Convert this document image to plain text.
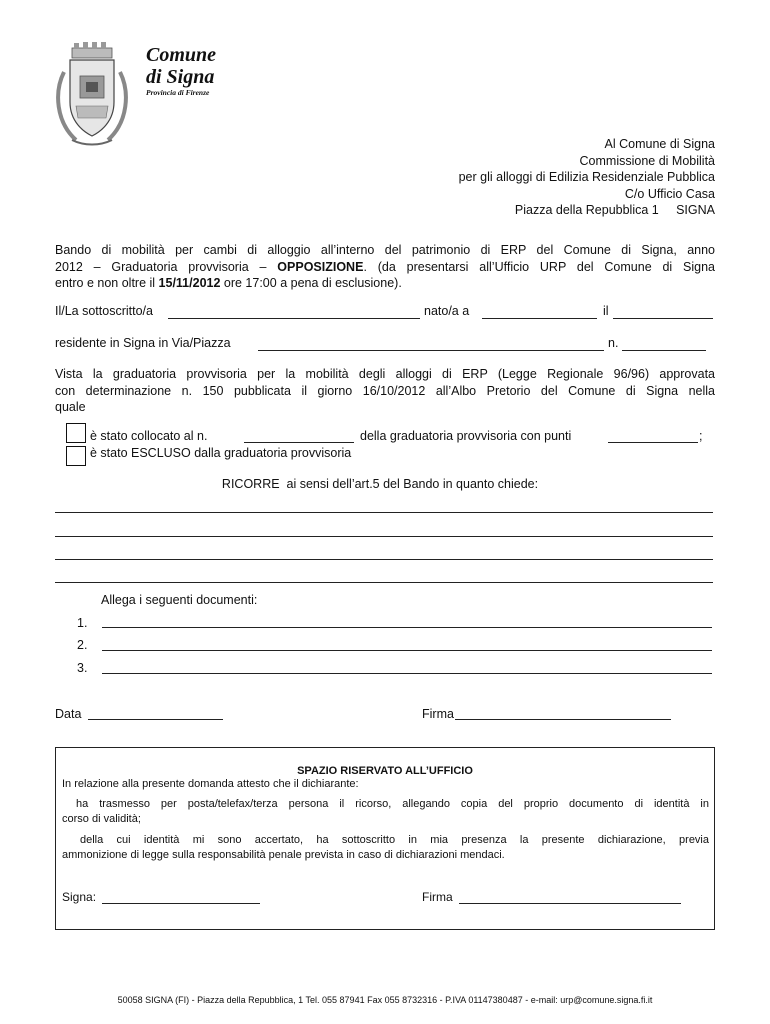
Comune
di Signa
Provincia di Firenze
Al Comune di Signa
Commissione di Mobilità
per gli alloggi di Edilizia Residenziale Pubblica
C/o Ufficio Casa
Piazza della Repubblica 1     SIGNA
Bando di mobilità per cambi di alloggio all’interno del patrimonio di ERP del Comune di Signa, anno
2012 – Graduatoria provvisoria – OPPOSIZIONE. (da presentarsi all’Ufficio URP del Comune di Signa
entro e non oltre il 15/11/2012 ore 17:00 a pena di esclusione).
Il/La sottoscritto/a	nato/a a	il
residente in Signa in Via/Piazza	n.
Vista la graduatoria provvisoria per la mobilità degli alloggi di ERP (Legge Regionale 96/96) approvata
con determinazione n. 150 pubblicata il giorno 16/10/2012 all’Albo Pretorio del Comune di Signa nella
quale
è stato collocato al n.	della graduatoria provvisoria con punti	;
è stato ESCLUSO dalla graduatoria provvisoria
RICORRE  ai sensi dell’art.5 del Bando in quanto chiede:
Allega i seguenti documenti:
1.
2.
3.
Data	Firma
SPAZIO RISERVATO ALL’UFFICIO
In relazione alla presente domanda attesto che il dichiarante:
ha trasmesso per posta/telefax/terza persona il ricorso, allegando copia del proprio documento di identità in
corso di validità;
della cui identità mi sono accertato, ha sottoscritto in mia presenza la presente dichiarazione, previa
ammonizione di legge sulla responsabilità penale prevista in caso di dichiarazioni mendaci.
Signa:	Firma
50058 SIGNA (FI) - Piazza della Repubblica, 1 Tel. 055 87941 Fax 055 8732316 - P.IVA 01147380487 - e-mail: urp@comune.signa.fi.it
